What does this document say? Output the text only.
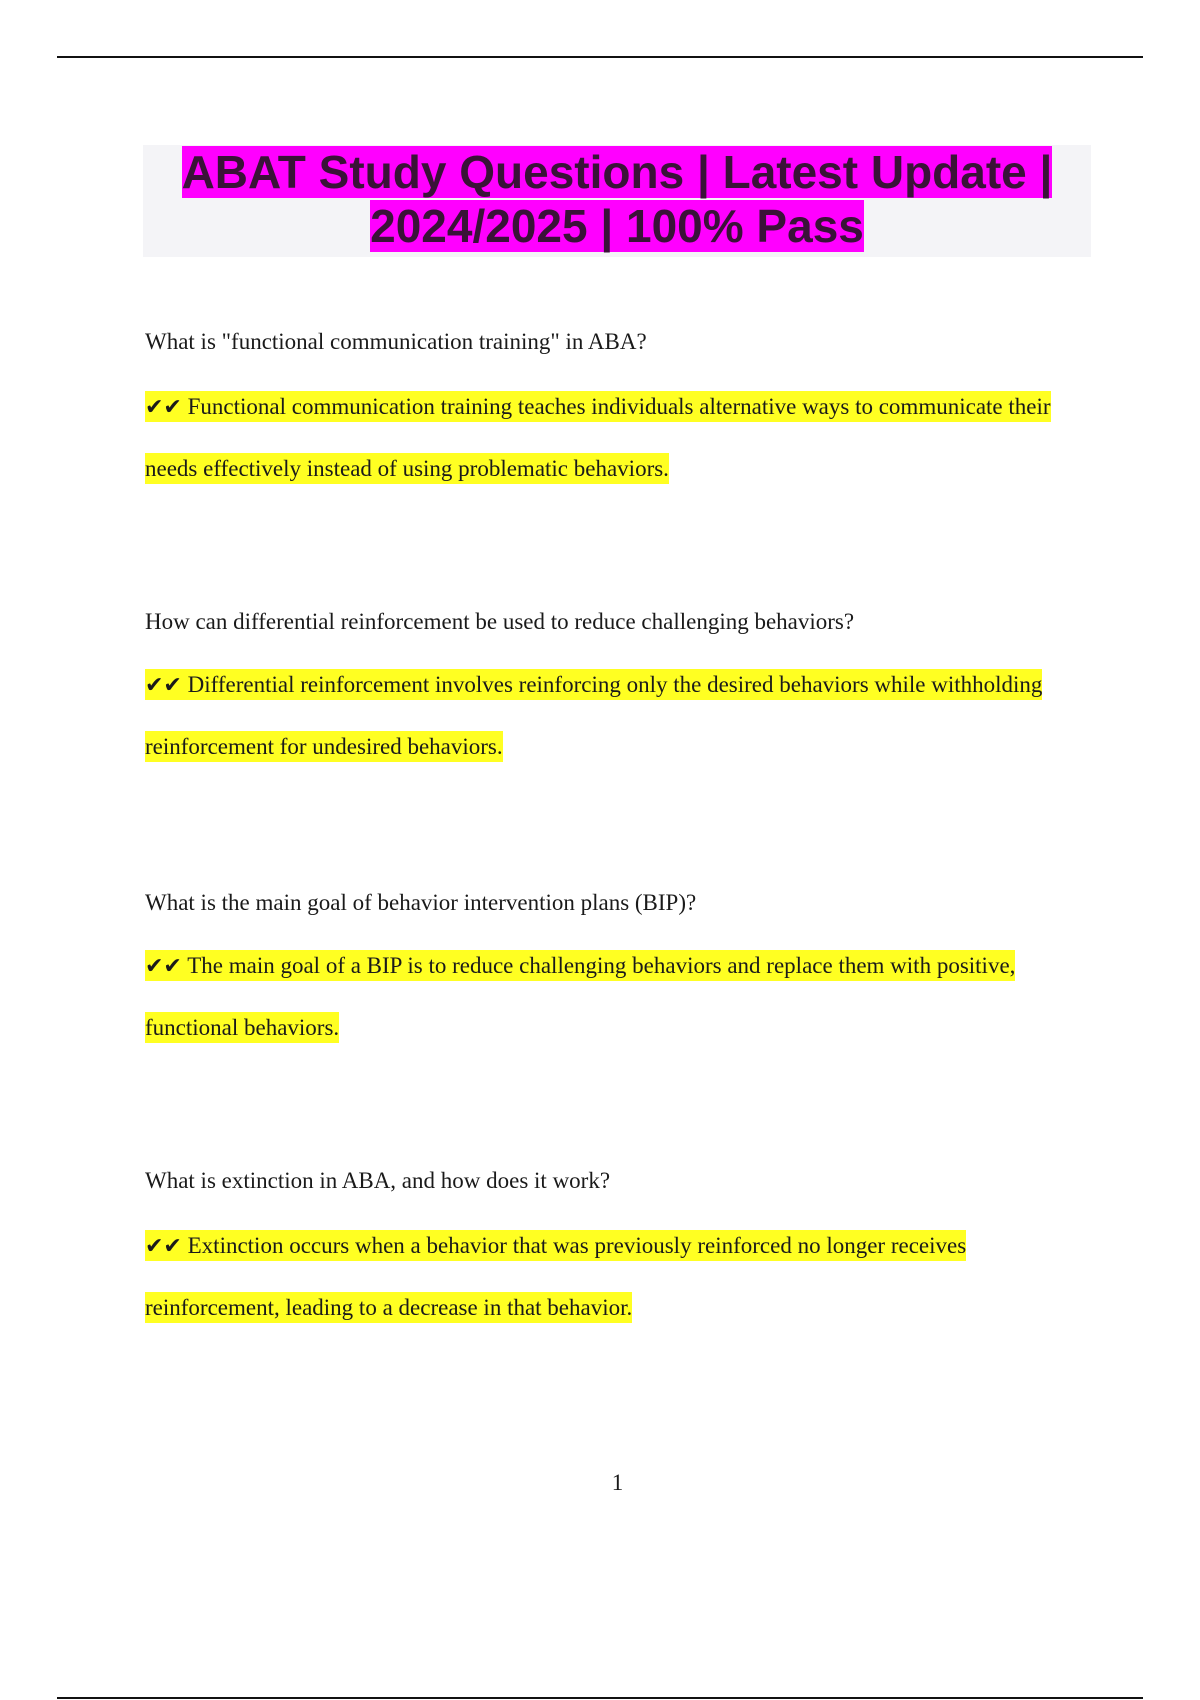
ABAT Study Questions | Latest Update | 2024/2025 | 100% Pass
What is "functional communication training" in ABA?
✔✔ Functional communication training teaches individuals alternative ways to communicate their needs effectively instead of using problematic behaviors.
How can differential reinforcement be used to reduce challenging behaviors?
✔✔ Differential reinforcement involves reinforcing only the desired behaviors while withholding reinforcement for undesired behaviors.
What is the main goal of behavior intervention plans (BIP)?
✔✔ The main goal of a BIP is to reduce challenging behaviors and replace them with positive, functional behaviors.
What is extinction in ABA, and how does it work?
✔✔ Extinction occurs when a behavior that was previously reinforced no longer receives reinforcement, leading to a decrease in that behavior.
1
